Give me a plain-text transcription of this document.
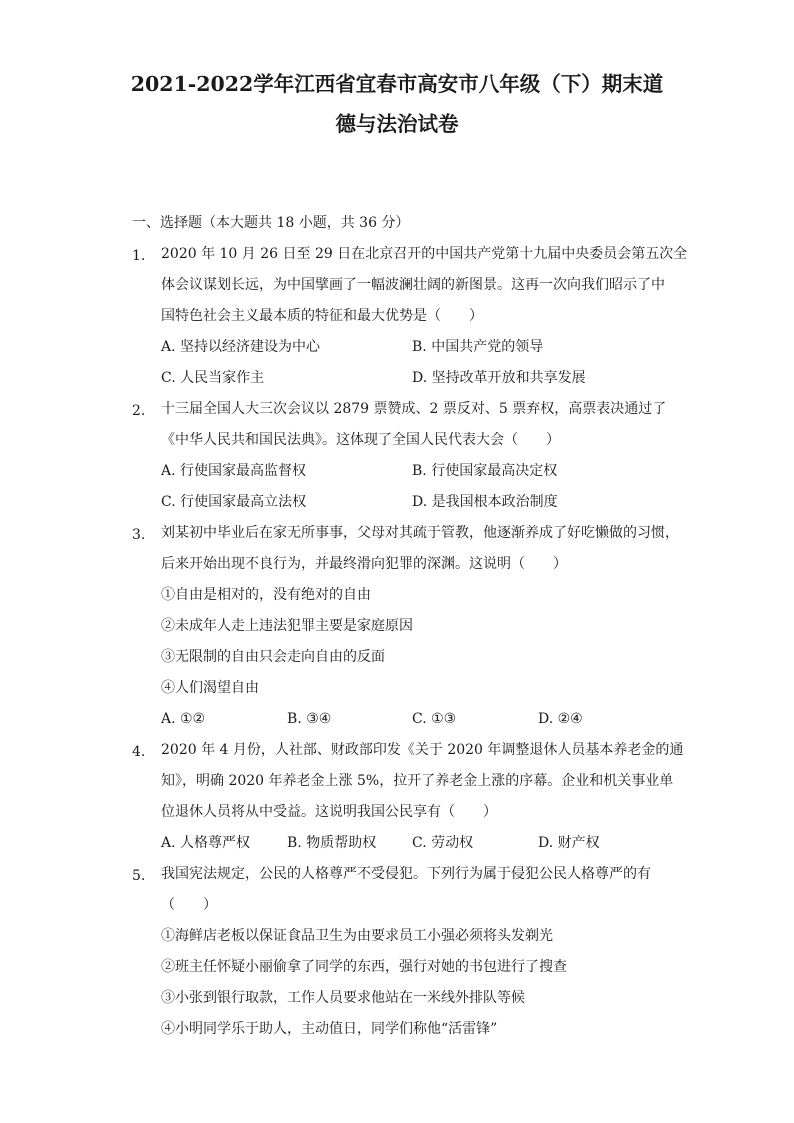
2021-2022学年江西省宜春市高安市八年级（下）期末道
德与法治试卷
一、选择题（本大题共 18 小题，共 36 分）
1. 2020 年 10 月 26 日至 29 日在北京召开的中国共产党第十九届中央委员会第五次全
体会议谋划长远，为中国擘画了一幅波澜壮阔的新图景。这再一次向我们昭示了中
国特色社会主义最本质的特征和最大优势是（　　）
A. 坚持以经济建设为中心	B. 中国共产党的领导
C. 人民当家作主	D. 坚持改革开放和共享发展
2. 十三届全国人大三次会议以 2879 票赞成、2 票反对、5 票弃权，高票表决通过了
《中华人民共和国民法典》。这体现了全国人民代表大会（　　）
A. 行使国家最高监督权	B. 行使国家最高决定权
C. 行使国家最高立法权	D. 是我国根本政治制度
3. 刘某初中毕业后在家无所事事，父母对其疏于管教，他逐渐养成了好吃懒做的习惯，
后来开始出现不良行为，并最终滑向犯罪的深渊。这说明（　　）
①自由是相对的，没有绝对的自由
②未成年人走上违法犯罪主要是家庭原因
③无限制的自由只会走向自由的反面
④人们渴望自由
A. ①②	B. ③④	C. ①③	D. ②④
4. 2020 年 4 月份，人社部、财政部印发《关于 2020 年调整退休人员基本养老金的通
知》，明确 2020 年养老金上涨 5%，拉开了养老金上涨的序幕。企业和机关事业单
位退休人员将从中受益。这说明我国公民享有（　　）
A. 人格尊严权	B. 物质帮助权	C. 劳动权	D. 财产权
5. 我国宪法规定，公民的人格尊严不受侵犯。下列行为属于侵犯公民人格尊严的有
（　　）
①海鲜店老板以保证食品卫生为由要求员工小强必须将头发剃光
②班主任怀疑小丽偷拿了同学的东西，强行对她的书包进行了搜查
③小张到银行取款，工作人员要求他站在一米线外排队等候
④小明同学乐于助人，主动值日，同学们称他“活雷锋”
